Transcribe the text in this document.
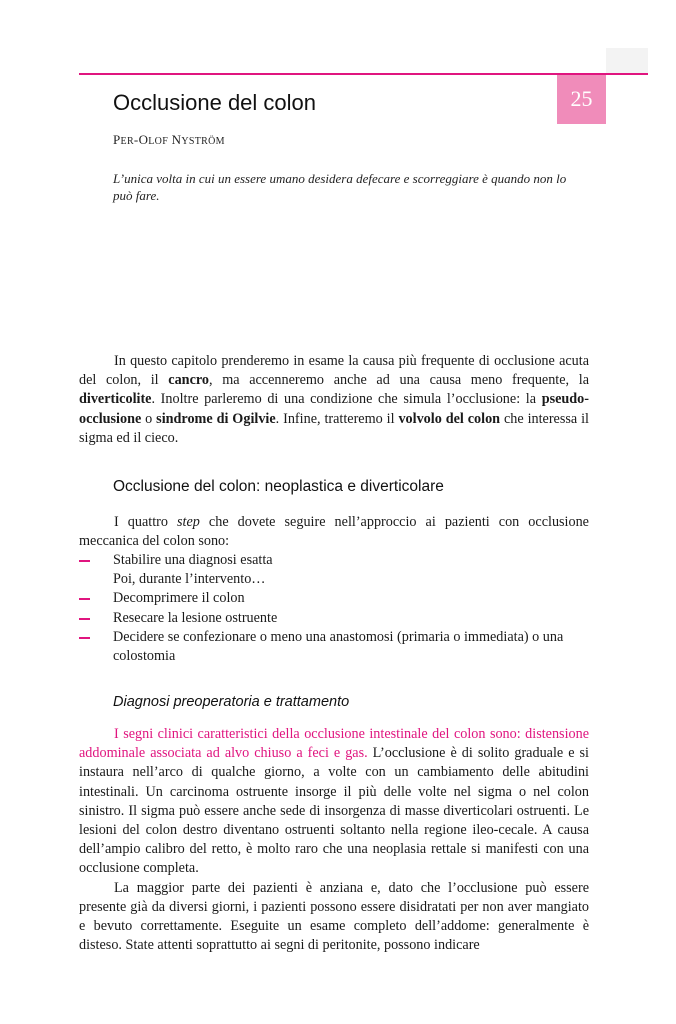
25
Occlusione del colon

PER-OLOF NYSTRÖM

L’unica volta in cui un essere umano desidera defecare e scorreggiare è quando non lo può fare.

In questo capitolo prenderemo in esame la causa più frequente di occlusione acuta del colon, il cancro, ma accenneremo anche ad una causa meno frequente, la diverticolite. Inoltre parleremo di una condizione che simula l’occlusione: la pseudo-occlusione o sindrome di Ogilvie. Infine, tratteremo il volvolo del colon che interessa il sigma ed il cieco.

Occlusione del colon: neoplastica e diverticolare

I quattro step che dovete seguire nell’approccio ai pazienti con occlusione meccanica del colon sono:

Stabilire una diagnosi esatta
Poi, durante l’intervento…
Decomprimere il colon
Resecare la lesione ostruente
Decidere se confezionare o meno una anastomosi (primaria o immediata) o una colostomia
Diagnosi preoperatoria e trattamento

I segni clinici caratteristici della occlusione intestinale del colon sono: distensione addominale associata ad alvo chiuso a feci e gas. L’occlusione è di solito graduale e si instaura nell’arco di qualche giorno, a volte con un cambiamento delle abitudini intestinali. Un carcinoma ostruente insorge il più delle volte nel sigma o nel colon sinistro. Il sigma può essere anche sede di insorgenza di masse diverticolari ostruenti. Le lesioni del colon destro diventano ostruenti soltanto nella regione ileo-cecale. A causa dell’ampio calibro del retto, è molto raro che una neoplasia rettale si manifesti con una occlusione completa.

La maggior parte dei pazienti è anziana e, dato che l’occlusione può essere presente già da diversi giorni, i pazienti possono essere disidratati per non aver mangiato e bevuto correttamente. Eseguite un esame completo dell’addome: generalmente è disteso. State attenti soprattutto ai segni di peritonite, possono indicare
